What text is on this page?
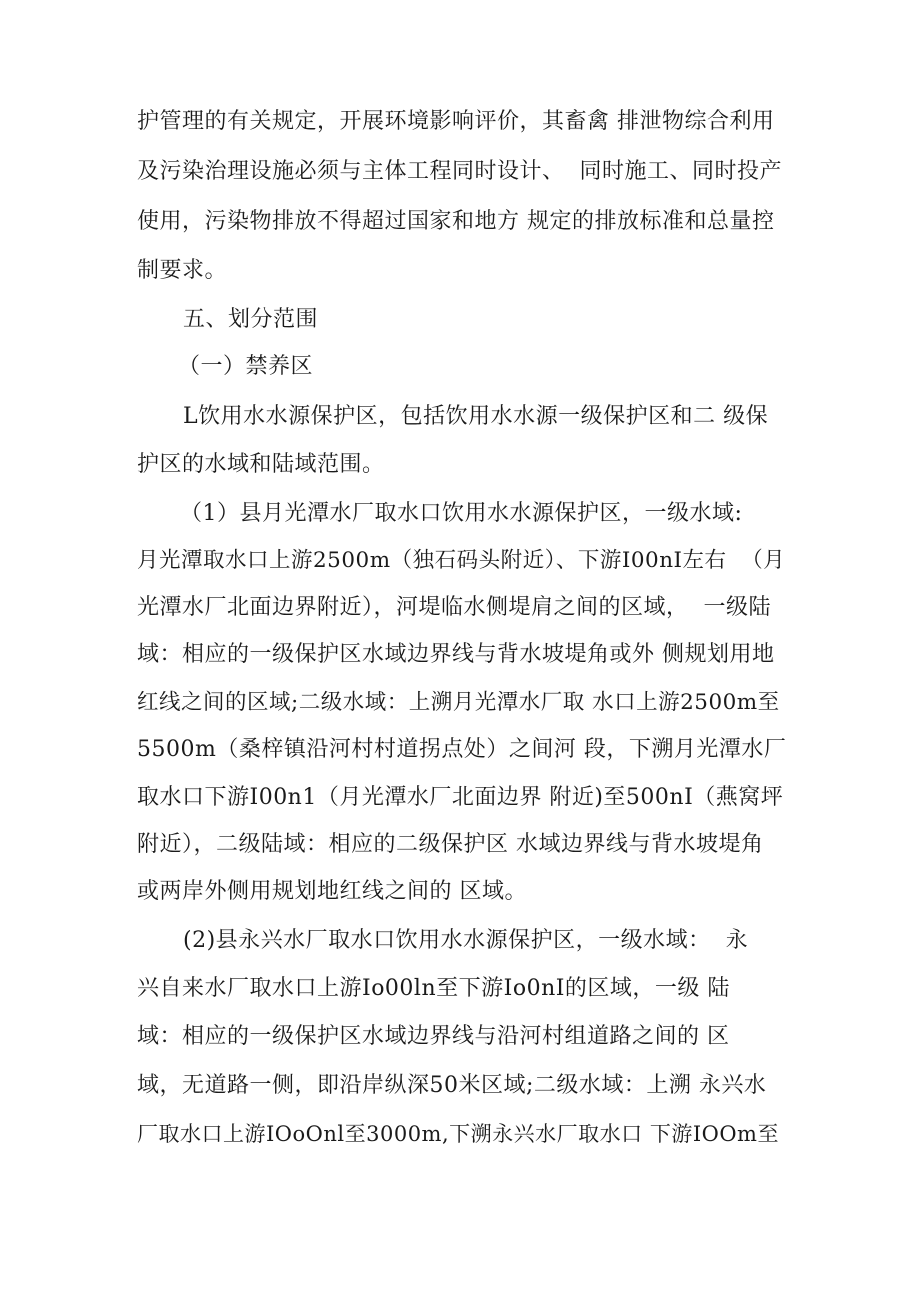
护管理的有关规定，开展环境影响评价，其畜禽 排泄物综合利用
及污染治理设施必须与主体工程同时设计、  同时施工、同时投产
使用，污染物排放不得超过国家和地方 规定的排放标准和总量控
制要求。
五、划分范围
（一）禁养区
L饮用水水源保护区，包括饮用水水源一级保护区和二 级保
护区的水域和陆域范围。
（1）县月光潭水厂取水口饮用水水源保护区，一级水域:
月光潭取水口上游2500m（独石码头附近）、下游I00nI左右  （月
光潭水厂北面边界附近），河堤临水侧堤肩之间的区域，  一级陆
域：相应的一级保护区水域边界线与背水坡堤角或外 侧规划用地
红线之间的区域;二级水域：上溯月光潭水厂取 水口上游2500m至
5500m（桑梓镇沿河村村道拐点处）之间河 段，下溯月光潭水厂
取水口下游I00n1（月光潭水厂北面边界 附近)至500nI（燕窝坪
附近），二级陆域：相应的二级保护区 水域边界线与背水坡堤角
或两岸外侧用规划地红线之间的 区域。
(2)县永兴水厂取水口饮用水水源保护区，一级水域：  永
兴自来水厂取水口上游Io00ln至下游Io0nI的区域，一级 陆
域：相应的一级保护区水域边界线与沿河村组道路之间的 区
域，无道路一侧，即沿岸纵深50米区域;二级水域：上溯 永兴水
厂取水口上游IOoOnl至3000m,下溯永兴水厂取水口 下游IOOm至
